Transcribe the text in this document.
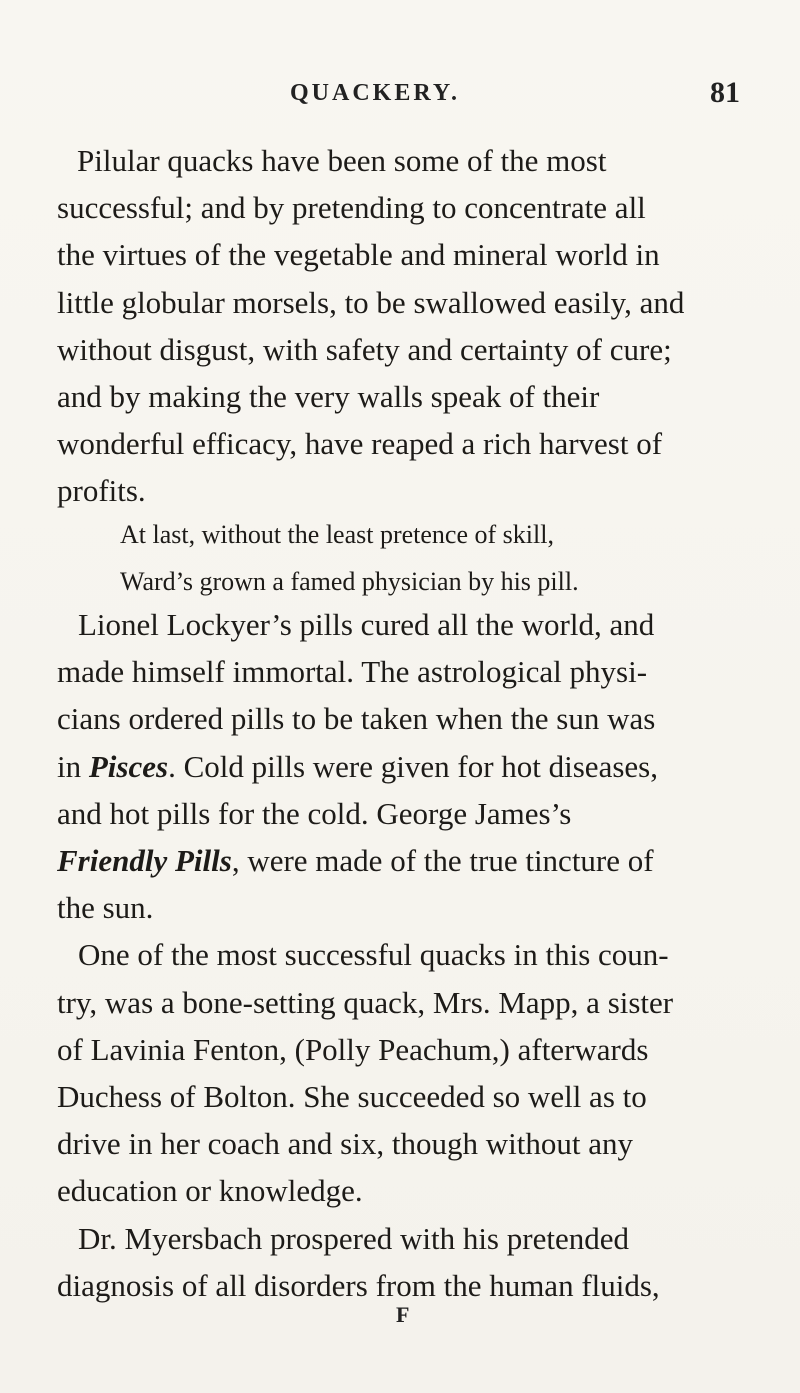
QUACKERY.	81
Pilular quacks have been some of the most
successful; and by pretending to concentrate all
the virtues of the vegetable and mineral world in
little globular morsels, to be swallowed easily, and
without disgust, with safety and certainty of cure;
and by making the very walls speak of their
wonderful efficacy, have reaped a rich harvest of
profits.
At last, without the least pretence of skill,
Ward’s grown a famed physician by his pill.
Lionel Lockyer’s pills cured all the world, and
made himself immortal. The astrological physi-
cians ordered pills to be taken when the sun was
in Pisces. Cold pills were given for hot diseases,
and hot pills for the cold. George James’s
Friendly Pills, were made of the true tincture of
the sun.
One of the most successful quacks in this coun-
try, was a bone-setting quack, Mrs. Mapp, a sister
of Lavinia Fenton, (Polly Peachum,) afterwards
Duchess of Bolton. She succeeded so well as to
drive in her coach and six, though without any
education or knowledge.
Dr. Myersbach prospered with his pretended
diagnosis of all disorders from the human fluids,
F
